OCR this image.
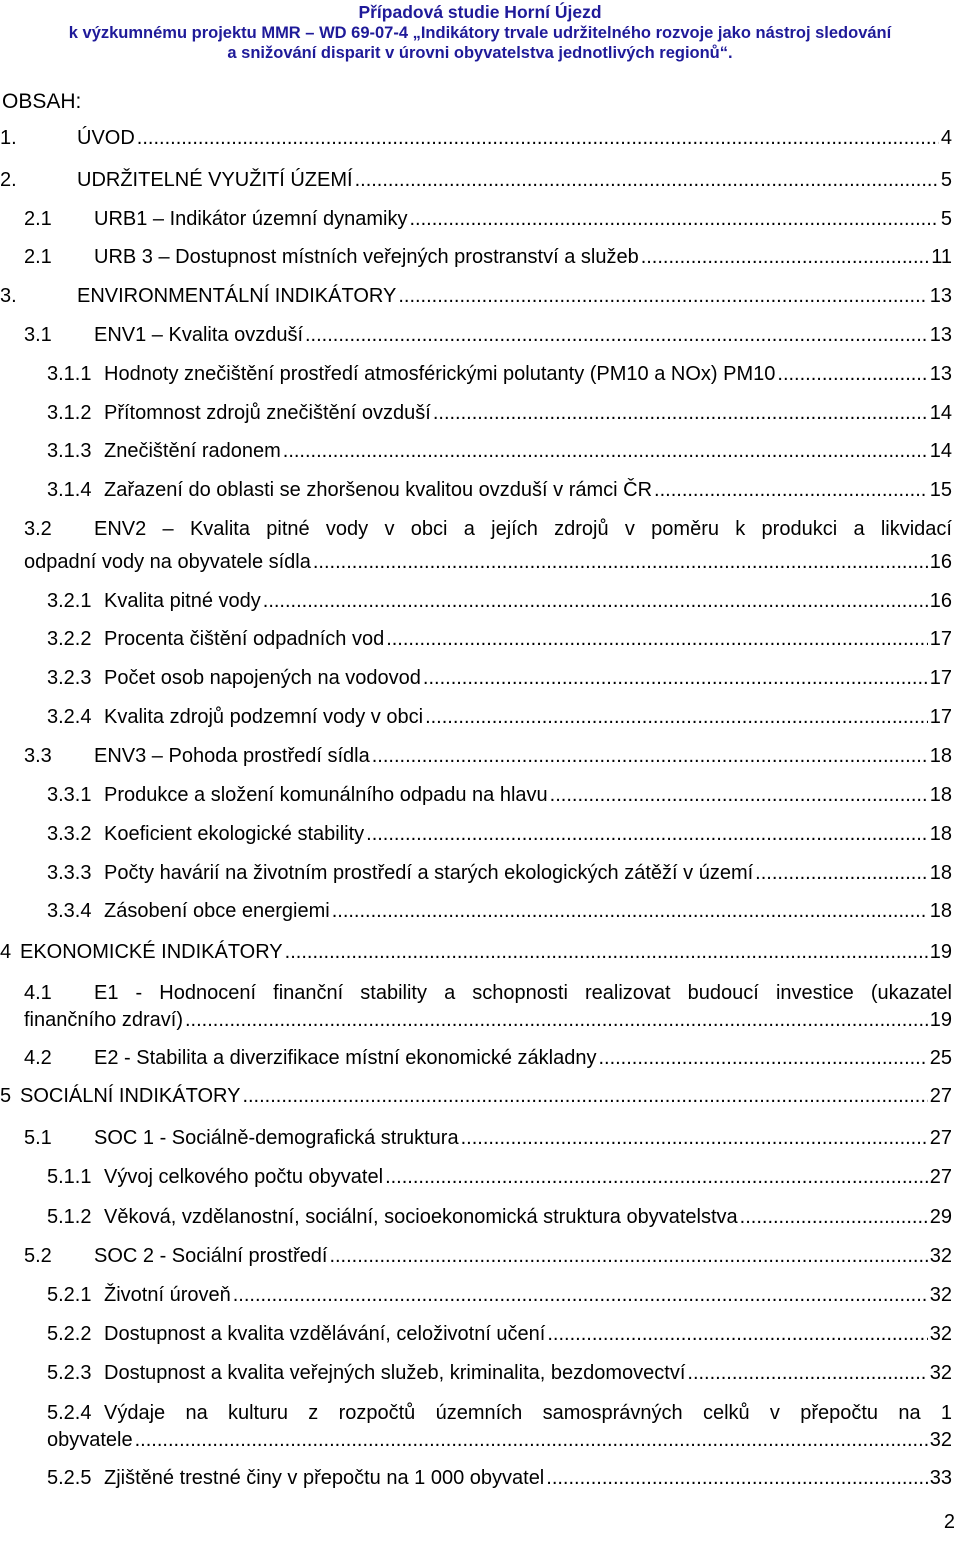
Případová studie Horní Újezd
k výzkumnému projektu MMR – WD 69-07-4 „Indikátory trvale udržitelného rozvoje jako nástroj sledování
a snižování disparit v úrovni obyvatelstva jednotlivých regionů“.
OBSAH:
1.	ÚVOD .....	4
2.	UDRŽITELNÉ VYUŽITÍ ÚZEMÍ .....	5
2.1	URB1 – Indikátor územní dynamiky .....	5
2.1	URB 3 – Dostupnost místních veřejných prostranství a služeb .....	11
3.	ENVIRONMENTÁLNÍ INDIKÁTORY .....	13
3.1	ENV1 – Kvalita ovzduší .....	13
3.1.1 Hodnoty znečištění prostředí atmosférickými polutanty (PM10 a NOx) PM10 .....	13
3.1.2 Přítomnost zdrojů znečištění ovzduší .....	14
3.1.3 Znečištění radonem .....	14
3.1.4 Zařazení do oblasti se zhoršenou kvalitou ovzduší v rámci ČR .....	15
3.2 ENV2 – Kvalita pitné vody v obci a jejích zdrojů v poměru k produkci a likvidací
odpadní vody na obyvatele sídla .....	16
3.2.1 Kvalita pitné vody .....	16
3.2.2 Procenta čištění odpadních vod .....	17
3.2.3 Počet osob napojených na vodovod .....	17
3.2.4 Kvalita zdrojů podzemní vody v obci .....	17
3.3	ENV3 – Pohoda prostředí sídla .....	18
3.3.1 Produkce a složení komunálního odpadu na hlavu .....	18
3.3.2 Koeficient ekologické stability .....	18
3.3.3 Počty havárií na životním prostředí a starých ekologických zátěží v území .....	18
3.3.4 Zásobení obce energiemi .....	18
4 EKONOMICKÉ INDIKÁTORY .....	19
4.1 E1 - Hodnocení finanční stability a schopnosti realizovat budoucí investice (ukazatel
finančního zdraví) .....	19
4.2	E2 - Stabilita a diverzifikace místní ekonomické základny .....	25
5 SOCIÁLNÍ INDIKÁTORY .....	27
5.1	SOC 1 - Sociálně-demografická struktura .....	27
5.1.1 Vývoj celkového počtu obyvatel .....	27
5.1.2 Věková, vzdělanostní, sociální, socioekonomická struktura obyvatelstva .....	29
5.2	SOC 2 - Sociální prostředí .....	32
5.2.1 Životní úroveň .....	32
5.2.2 Dostupnost a kvalita vzdělávání, celoživotní učení .....	32
5.2.3 Dostupnost a kvalita veřejných služeb, kriminalita, bezdomovectví .....	32
5.2.4 Výdaje na kulturu z rozpočtů územních samosprávných celků v přepočtu na 1
obyvatele .....	32
5.2.5 Zjištěné trestné činy v přepočtu na 1 000 obyvatel .....	33
2
